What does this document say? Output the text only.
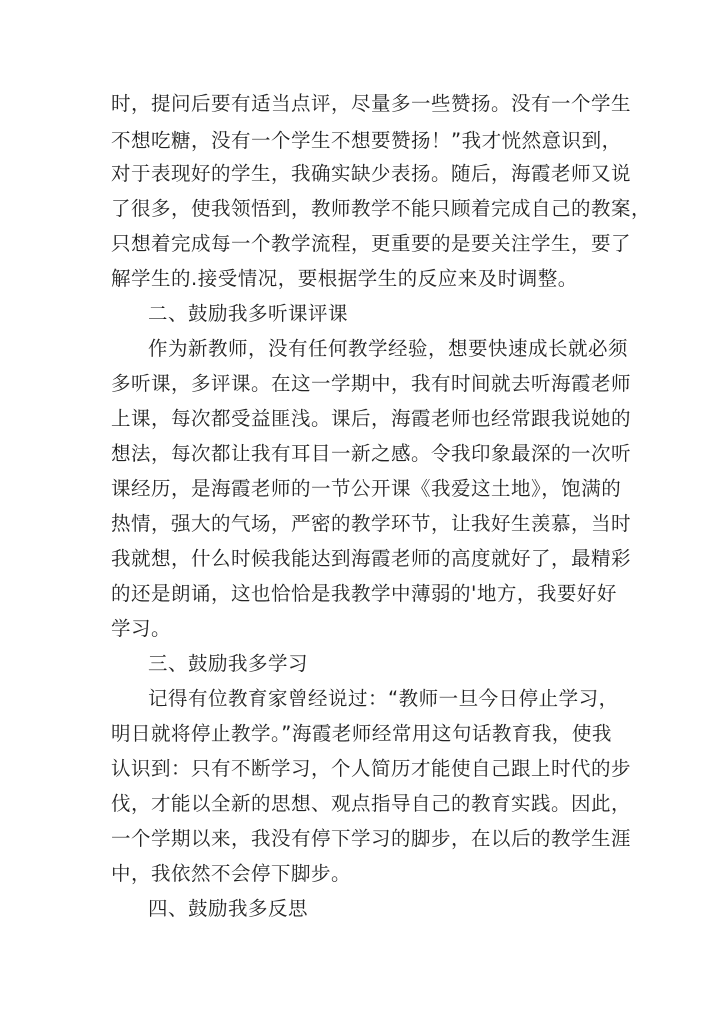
时，提问后要有适当点评，尽量多一些赞扬。没有一个学生
不想吃糖，没有一个学生不想要赞扬！”我才恍然意识到，
对于表现好的学生，我确实缺少表扬。随后，海霞老师又说
了很多，使我领悟到，教师教学不能只顾着完成自己的教案，
只想着完成每一个教学流程，更重要的是要关注学生，要了
解学生的.接受情况，要根据学生的反应来及时调整。
二、鼓励我多听课评课
作为新教师，没有任何教学经验，想要快速成长就必须
多听课，多评课。在这一学期中，我有时间就去听海霞老师
上课，每次都受益匪浅。课后，海霞老师也经常跟我说她的
想法，每次都让我有耳目一新之感。令我印象最深的一次听
课经历，是海霞老师的一节公开课《我爱这土地》，饱满的
热情，强大的气场，严密的教学环节，让我好生羡慕，当时
我就想，什么时候我能达到海霞老师的高度就好了，最精彩
的还是朗诵，这也恰恰是我教学中薄弱的'地方，我要好好
学习。
三、鼓励我多学习
记得有位教育家曾经说过：“教师一旦今日停止学习，
明日就将停止教学。”海霞老师经常用这句话教育我，使我
认识到：只有不断学习，个人简历才能使自己跟上时代的步
伐，才能以全新的思想、观点指导自己的教育实践。因此，
一个学期以来，我没有停下学习的脚步，在以后的教学生涯
中，我依然不会停下脚步。
四、鼓励我多反思
